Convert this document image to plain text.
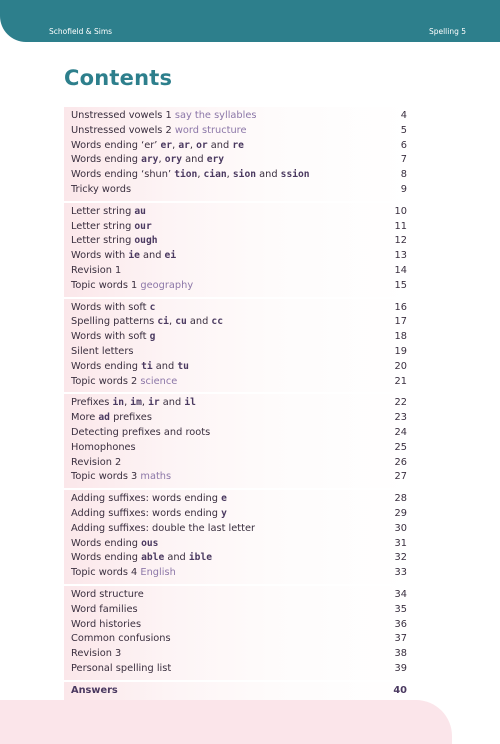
Schofield & Sims	Spelling 5
Contents
Unstressed vowels 1 say the syllables	4
Unstressed vowels 2 word structure	5
Words ending ‘er’ er, ar, or and re	6
Words ending ary, ory and ery	7
Words ending ‘shun’ tion, cian, sion and ssion	8
Tricky words	9
Letter string au	10
Letter string our	11
Letter string ough	12
Words with ie and ei	13
Revision 1	14
Topic words 1 geography	15
Words with soft c	16
Spelling patterns ci, cu and cc	17
Words with soft g	18
Silent letters	19
Words ending ti and tu	20
Topic words 2 science	21
Prefixes in, im, ir and il	22
More ad prefixes	23
Detecting prefixes and roots	24
Homophones	25
Revision 2	26
Topic words 3 maths	27
Adding suffixes: words ending e	28
Adding suffixes: words ending y	29
Adding suffixes: double the last letter	30
Words ending ous	31
Words ending able and ible	32
Topic words 4 English	33
Word structure	34
Word families	35
Word histories	36
Common confusions	37
Revision 3	38
Personal spelling list	39
Answers	40
